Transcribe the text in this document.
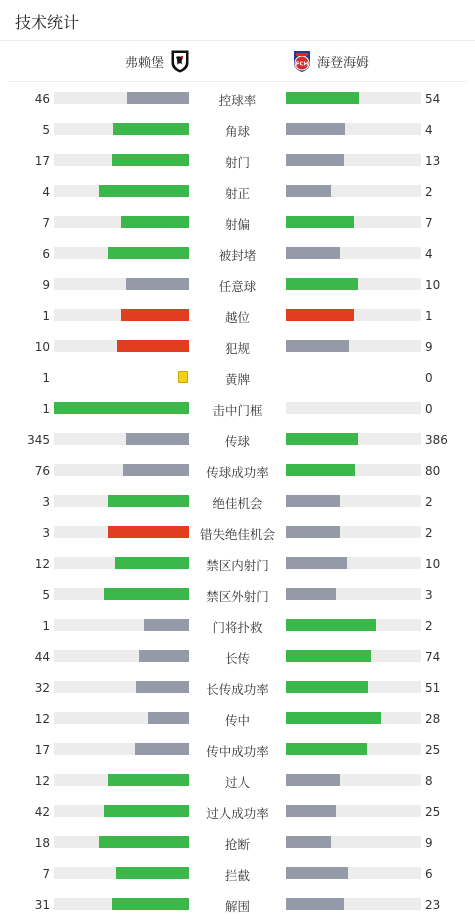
技术统计
弗赖堡	FCH 海登海姆
46	控球率	54
5	角球	4
17	射门	13
4	射正	2
7	射偏	7
6	被封堵	4
9	任意球	10
1	越位	1
10	犯规	9
1	黄牌	0
1	击中门框	0
345	传球	386
76	传球成功率	80
3	绝佳机会	2
3	错失绝佳机会	2
12	禁区内射门	10
5	禁区外射门	3
1	门将扑救	2
44	长传	74
32	长传成功率	51
12	传中	28
17	传中成功率	25
12	过人	8
42	过人成功率	25
18	抢断	9
7	拦截	6
31	解围	23
